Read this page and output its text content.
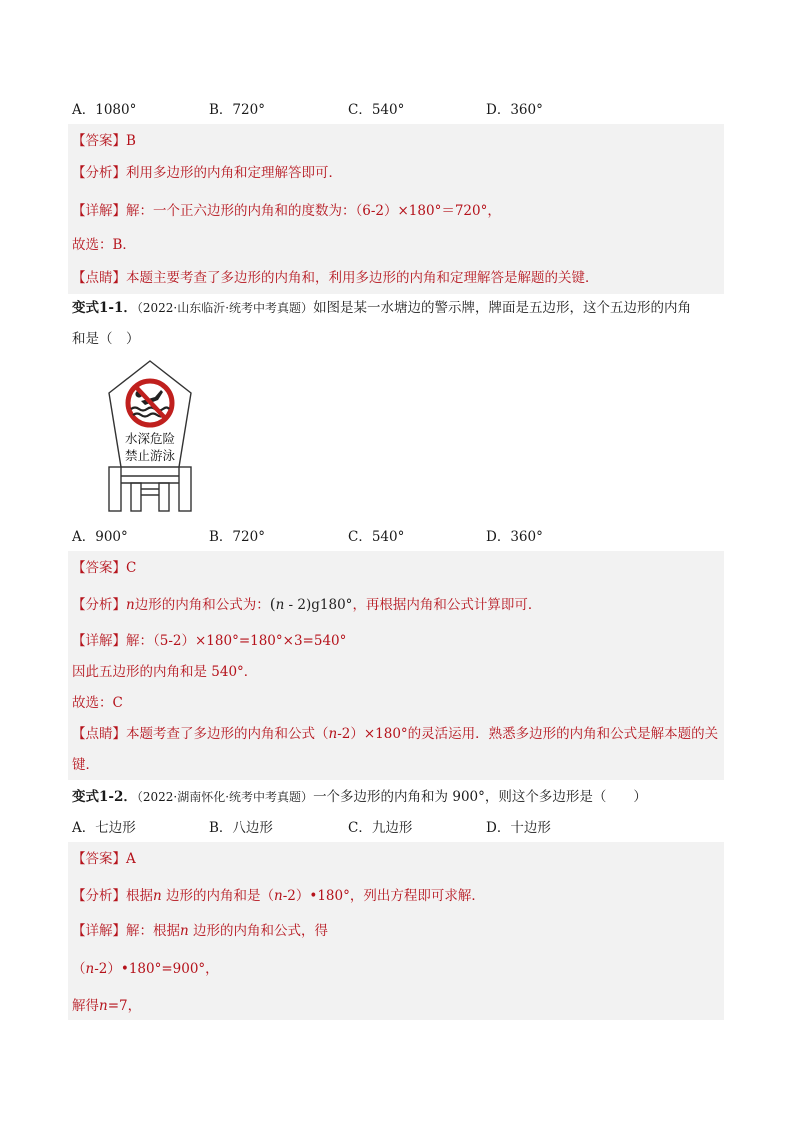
A．1080°	B．720°	C．540°	D．360°
【答案】B
【分析】利用多边形的内角和定理解答即可．
【详解】解：一个正六边形的内角和的度数为：（6-2）×180°＝720°，
故选：B．
【点睛】本题主要考查了多边形的内角和，利用多边形的内角和定理解答是解题的关键．
变式1-1．（2022·山东临沂·统考中考真题）如图是某一水塘边的警示牌，牌面是五边形，这个五边形的内角
和是（　）
水深危险
禁止游泳
A．900°	B．720°	C．540°	D．360°
【答案】C
【分析】n边形的内角和公式为：(n - 2)g180°，再根据内角和公式计算即可．
【详解】解：（5-2）×180°=180°×3=540°
因此五边形的内角和是 540°．
故选：C
【点睛】本题考查了多边形的内角和公式（n-2）×180°的灵活运用．熟悉多边形的内角和公式是解本题的关
键．
变式1-2．（2022·湖南怀化·统考中考真题）一个多边形的内角和为 900°，则这个多边形是（　　）
A．七边形	B．八边形	C．九边形	D．十边形
【答案】A
【分析】根据n 边形的内角和是（n-2）•180°，列出方程即可求解．
【详解】解：根据n 边形的内角和公式，得
（n-2）•180°=900°，
解得n=7，
